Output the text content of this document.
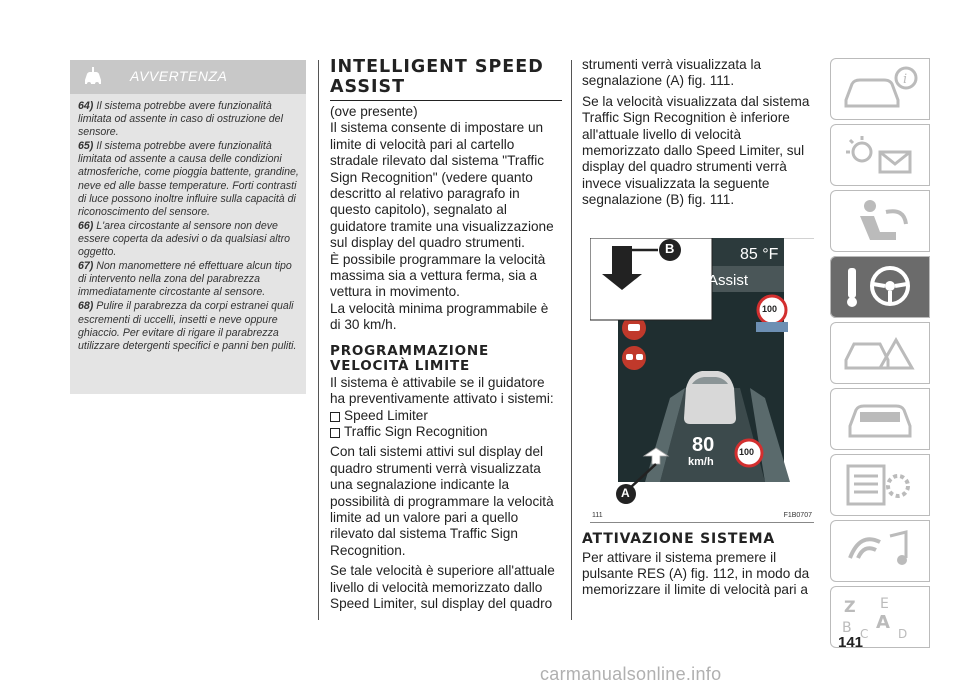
AVVERTENZA

64) Il sistema potrebbe avere funzionalità limitata od assente in caso di ostruzione del sensore.

65) Il sistema potrebbe avere funzionalità limitata od assente a causa delle condizioni atmosferiche, come pioggia battente, grandine, neve ed alle basse temperature. Forti contrasti di luce possono inoltre influire sulla capacità di riconoscimento del sensore.

66) L'area circostante al sensore non deve essere coperta da adesivi o da qualsiasi altro oggetto.

67) Non manomettere né effettuare alcun tipo di intervento nella zona del parabrezza immediatamente circostante al sensore.

68) Pulire il parabrezza da corpi estranei quali escrementi di uccelli, insetti e neve oppure ghiaccio. Per evitare di rigare il parabrezza utilizzare detergenti specifici e panni ben puliti.

INTELLIGENT SPEED
ASSIST

(ove presente)

Il sistema consente di impostare un limite di velocità pari al cartello stradale rilevato dal sistema "Traffic Sign Recognition" (vedere quanto descritto al relativo paragrafo in questo capitolo), segnalato al guidatore tramite una visualizzazione sul display del quadro strumenti.

È possibile programmare la velocità massima sia a vettura ferma, sia a vettura in movimento.

La velocità minima programmabile è di 30 km/h.

PROGRAMMAZIONE
VELOCITÀ LIMITE

Il sistema è attivabile se il guidatore ha preventivamente attivato i sistemi:

Speed Limiter
Traffic Sign Recognition

Con tali sistemi attivi sul display del quadro strumenti verrà visualizzata una segnalazione indicante la possibilità di programmare la velocità limite ad un valore pari a quello rilevato dal sistema Traffic Sign Recognition.

Se tale velocità è superiore all'attuale livello di velocità memorizzato dallo Speed Limiter, sul display del quadro

strumenti verrà visualizzata la segnalazione (A) fig. 111.

Se la velocità visualizzata dal sistema Traffic Sign Recognition è inferiore all'attuale livello di velocità memorizzato dallo Speed Limiter, sul display del quadro strumenti verrà invece visualizzata la seguente segnalazione (B) fig. 111.

6 85 °F
Assist
100
100
80
km/h
B
A
111	F1B0707
ATTIVAZIONE SISTEMA

Per attivare il sistema premere il pulsante RES (A) fig. 112, in modo da memorizzare il limite di velocità pari a

i
Z E
B A
C D
141
carmanualsonline.info
